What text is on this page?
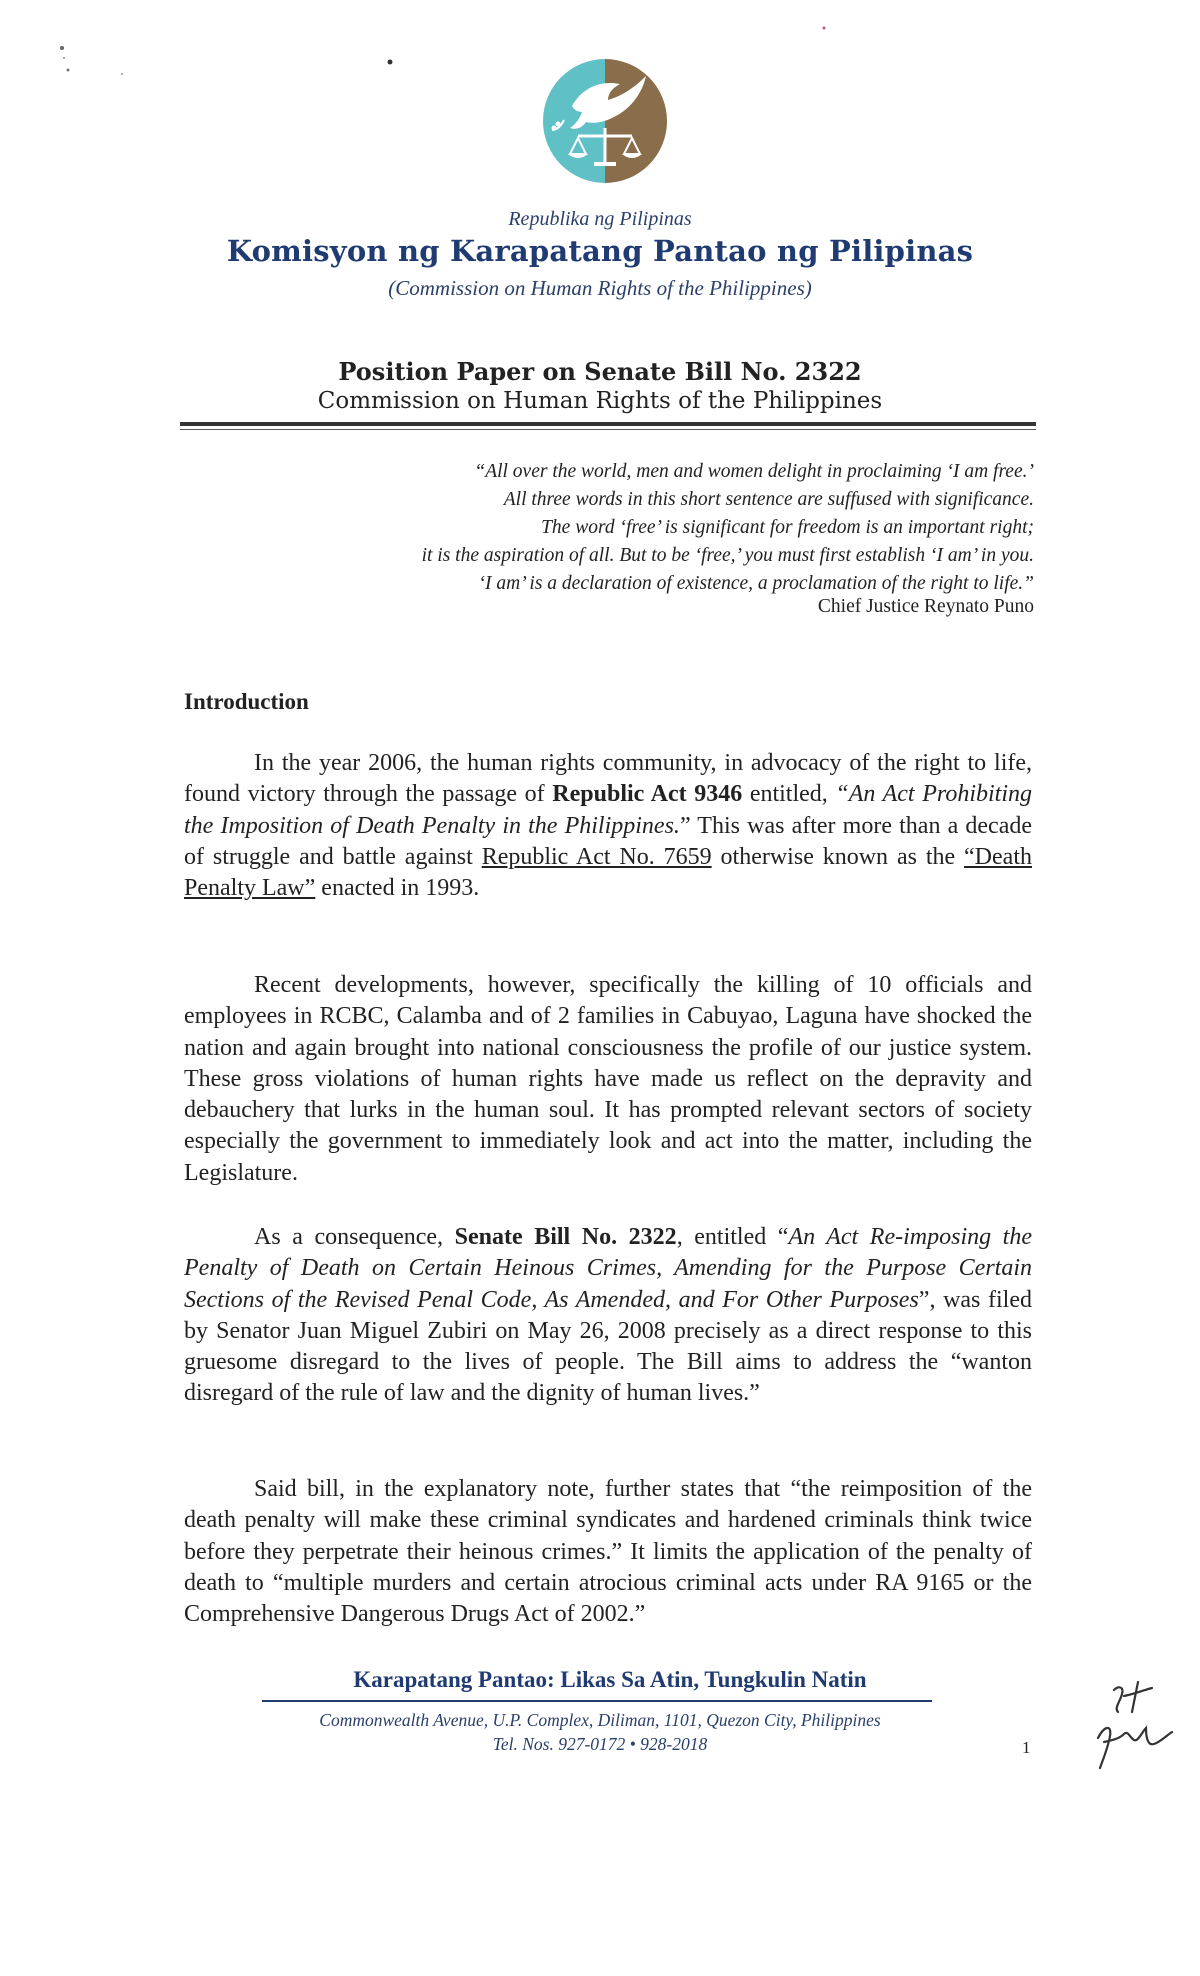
Republika ng Pilipinas
Komisyon ng Karapatang Pantao ng Pilipinas
(Commission on Human Rights of the Philippines)
Position Paper on Senate Bill No. 2322
Commission on Human Rights of the Philippines
“All over the world, men and women delight in proclaiming ‘I am free.’
All three words in this short sentence are suffused with significance.
The word ‘free’ is significant for freedom is an important right;
it is the aspiration of all. But to be ‘free,’ you must first establish ‘I am’ in you.
‘I am’ is a declaration of existence, a proclamation of the right to life.”
Chief Justice Reynato Puno
Introduction

In the year 2006, the human rights community, in advocacy of the right to life, found victory through the passage of Republic Act 9346 entitled, “An Act Prohibiting the Imposition of Death Penalty in the Philippines.” This was after more than a decade of struggle and battle against Republic Act No. 7659 otherwise known as the “Death Penalty Law” enacted in 1993.

Recent developments, however, specifically the killing of 10 officials and employees in RCBC, Calamba and of 2 families in Cabuyao, Laguna have shocked the nation and again brought into national consciousness the profile of our justice system. These gross violations of human rights have made us reflect on the depravity and debauchery that lurks in the human soul. It has prompted relevant sectors of society especially the government to immediately look and act into the matter, including the Legislature.

As a consequence, Senate Bill No. 2322, entitled “An Act Re-imposing the Penalty of Death on Certain Heinous Crimes, Amending for the Purpose Certain Sections of the Revised Penal Code, As Amended, and For Other Purposes”, was filed by Senator Juan Miguel Zubiri on May 26, 2008 precisely as a direct response to this gruesome disregard to the lives of people. The Bill aims to address the “wanton disregard of the rule of law and the dignity of human lives.”

Said bill, in the explanatory note, further states that “the reimposition of the death penalty will make these criminal syndicates and hardened criminals think twice before they perpetrate their heinous crimes.” It limits the application of the penalty of death to “multiple murders and certain atrocious criminal acts under RA 9165 or the Comprehensive Dangerous Drugs Act of 2002.”

Karapatang Pantao: Likas Sa Atin, Tungkulin Natin
Commonwealth Avenue, U.P. Complex, Diliman, 1101, Quezon City, Philippines
Tel. Nos. 927-0172 • 928-2018	1
